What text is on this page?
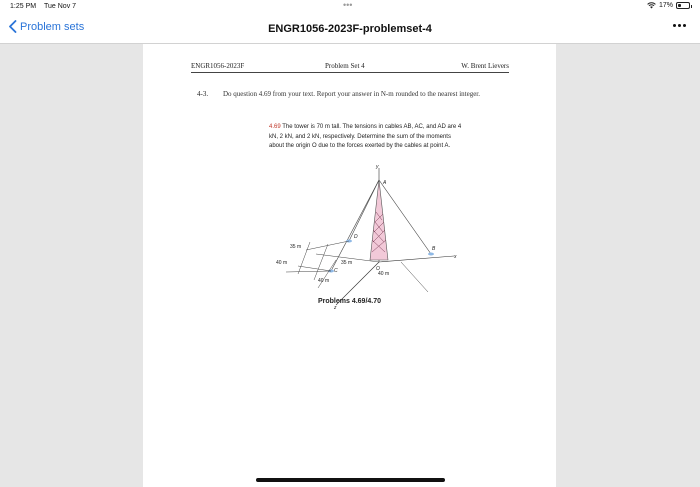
1:25 PM Tue Nov 7	•••	17%
Problem sets	ENGR1056-2023F-problemset-4
ENGR1056-2023F	Problem Set 4	W. Brent Lievers
4-3. Do question 4.69 from your text. Report your answer in N-m rounded to the nearest integer.
4.69 The tower is 70 m tall. The tensions in cables AB, AC, and AD are 4 kN, 2 kN, and 2 kN, respectively. Determine the sum of the moments about the origin O due to the forces exerted by the cables at point A.
y
x
z
A
B
C
D
O
35 m
40 m	35 m
40 m
40 m
Problems 4.69/4.70
